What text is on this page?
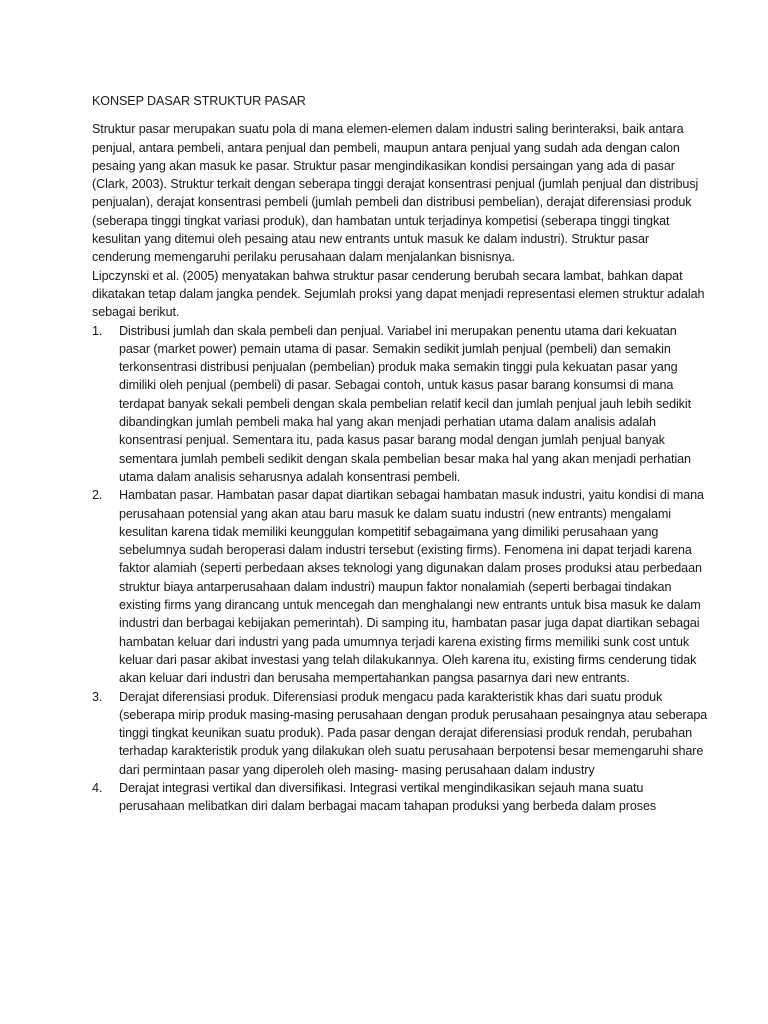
KONSEP DASAR STRUKTUR PASAR

Struktur pasar merupakan suatu pola di mana elemen-elemen dalam industri saling berinteraksi, baik antara penjual, antara pembeli, antara penjual dan pembeli, maupun antara penjual yang sudah ada dengan calon pesaing yang akan masuk ke pasar. Struktur pasar mengindikasikan kondisi persaingan yang ada di pasar (Clark, 2003). Struktur terkait dengan seberapa tinggi derajat konsentrasi penjual (jumlah penjual dan distribusj penjualan), derajat konsentrasi pembeli (jumlah pembeli dan distribusi pembelian), derajat diferensiasi produk (seberapa tinggi tingkat variasi produk), dan hambatan untuk terjadinya kompetisi (seberapa tinggi tingkat kesulitan yang ditemui oleh pesaing atau new entrants untuk masuk ke dalam industri). Struktur pasar cenderung memengaruhi perilaku perusahaan dalam menjalankan bisnisnya.

Lipczynski et al. (2005) menyatakan bahwa struktur pasar cenderung berubah secara lambat, bahkan dapat dikatakan tetap dalam jangka pendek. Sejumlah proksi yang dapat menjadi representasi elemen struktur adalah sebagai berikut.

1. Distribusi jumlah dan skala pembeli dan penjual. Variabel ini merupakan penentu utama dari kekuatan pasar (market power) pemain utama di pasar. Semakin sedikit jumlah penjual (pembeli) dan semakin terkonsentrasi distribusi penjualan (pembelian) produk maka semakin tinggi pula kekuatan pasar yang dimiliki oleh penjual (pembeli) di pasar. Sebagai contoh, untuk kasus pasar barang konsumsi di mana terdapat banyak sekali pembeli dengan skala pembelian relatif kecil dan jumlah penjual jauh lebih sedikit dibandingkan jumlah pembeli maka hal yang akan menjadi perhatian utama dalam analisis adalah konsentrasi penjual. Sementara itu, pada kasus pasar barang modal dengan jumlah penjual banyak sementara jumlah pembeli sedikit dengan skala pembelian besar maka hal yang akan menjadi perhatian utama dalam analisis seharusnya adalah konsentrasi pembeli.
2. Hambatan pasar. Hambatan pasar dapat diartikan sebagai hambatan masuk industri, yaitu kondisi di mana perusahaan potensial yang akan atau baru masuk ke dalam suatu industri (new entrants) mengalami kesulitan karena tidak memiliki keunggulan kompetitif sebagaimana yang dimiliki perusahaan yang sebelumnya sudah beroperasi dalam industri tersebut (existing firms). Fenomena ini dapat terjadi karena faktor alamiah (seperti perbedaan akses teknologi yang digunakan dalam proses produksi atau perbedaan struktur biaya antarperusahaan dalam industri) maupun faktor nonalamiah (seperti berbagai tindakan existing firms yang dirancang untuk mencegah dan menghalangi new entrants untuk bisa masuk ke dalam industri dan berbagai kebijakan pemerintah). Di samping itu, hambatan pasar juga dapat diartikan sebagai hambatan keluar dari industri yang pada umumnya terjadi karena existing firms memiliki sunk cost untuk keluar dari pasar akibat investasi yang telah dilakukannya. Oleh karena itu, existing firms cenderung tidak akan keluar dari industri dan berusaha mempertahankan pangsa pasarnya dari new entrants.
3. Derajat diferensiasi produk. Diferensiasi produk mengacu pada karakteristik khas dari suatu produk (seberapa mirip produk masing-masing perusahaan dengan produk perusahaan pesaingnya atau seberapa tinggi tingkat keunikan suatu produk). Pada pasar dengan derajat diferensiasi produk rendah, perubahan terhadap karakteristik produk yang dilakukan oleh suatu perusahaan berpotensi besar memengaruhi share dari permintaan pasar yang diperoleh oleh masing- masing perusahaan dalam industry
4. Derajat integrasi vertikal dan diversifikasi. Integrasi vertikal mengindikasikan sejauh mana suatu perusahaan melibatkan diri dalam berbagai macam tahapan produksi yang berbeda dalam proses
